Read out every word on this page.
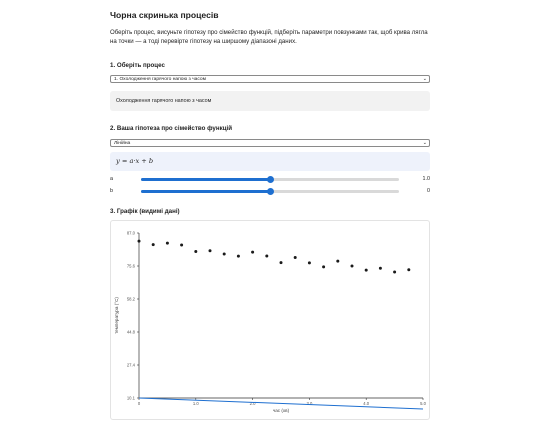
Чорна скринька процесів

Оберіть процес, висуньте гіпотезу про сімейство функцій, підберіть параметри повзунками так, щоб крива лягла на точки — а тоді перевірте гіпотезу на ширшому діапазоні даних.

1. Оберіть процес
1. Охолодження гарячого напою з часом	⌄
Охолодження гарячого напою з часом
2. Ваша гіпотеза про сімейство функцій
Лінійна	⌄
y = a·x + b
a	1.0
b	0
3. Графік (видимі дані)
87.0
75.6
58.2
44.8
27.4
10.1
0	1.0	2.0	3.0	4.0	5.0
температура (°C)
час (хв)
